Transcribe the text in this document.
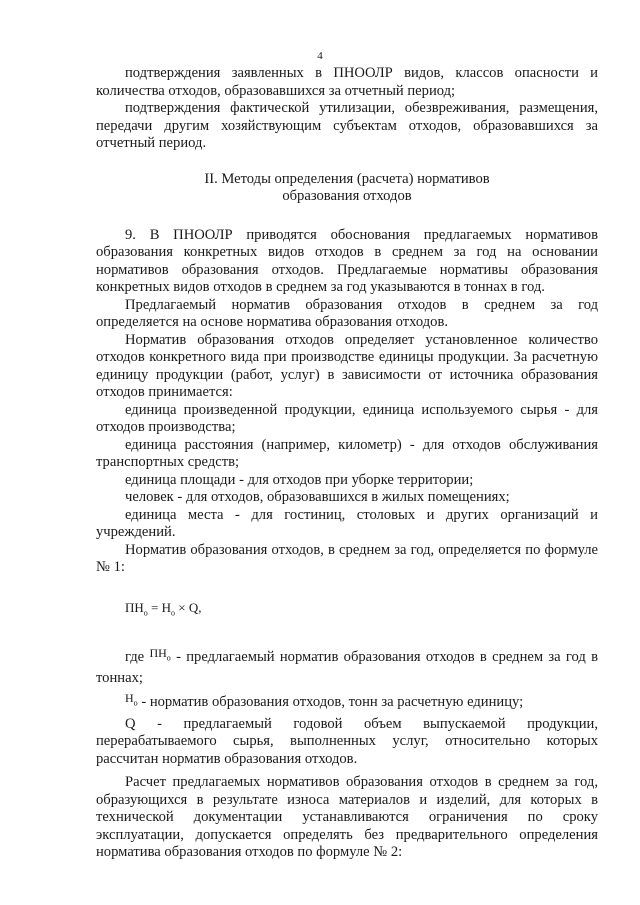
4

подтверждения заявленных в ПНООЛР видов, классов опасности и количества отходов, образовавшихся за отчетный период;

подтверждения фактической утилизации, обезвреживания, размещения, передачи другим хозяйствующим субъектам отходов, образовавшихся за отчетный период.

II. Методы определения (расчета) нормативов
образования отходов

9. В ПНООЛР приводятся обоснования предлагаемых нормативов образования конкретных видов отходов в среднем за год на основании нормативов образования отходов. Предлагаемые нормативы образования конкретных видов отходов в среднем за год указываются в тоннах в год.

Предлагаемый норматив образования отходов в среднем за год определяется на основе норматива образования отходов.

Норматив образования отходов определяет установленное количество отходов конкретного вида при производстве единицы продукции. За расчетную единицу продукции (работ, услуг) в зависимости от источника образования отходов принимается:

единица произведенной продукции, единица используемого сырья - для отходов производства;

единица расстояния (например, километр) - для отходов обслуживания транспортных средств;

единица площади - для отходов при уборке территории;

человек - для отходов, образовавшихся в жилых помещениях;

единица места - для гостиниц, столовых и других организаций и учреждений.

Норматив образования отходов, в среднем за год, определяется по формуле № 1:

$ПН_о = Н_о \times Q$,

где $^{ПН_о}$ - предлагаемый норматив образования отходов в среднем за год в тоннах;

$^{Н_о}$ - норматив образования отходов, тонн за расчетную единицу;

Q - предлагаемый годовой объем выпускаемой продукции, перерабатываемого сырья, выполненных услуг, относительно которых рассчитан норматив образования отходов.

Расчет предлагаемых нормативов образования отходов в среднем за год, образующихся в результате износа материалов и изделий, для которых в технической документации устанавливаются ограничения по сроку эксплуатации, допускается определять без предварительного определения норматива образования отходов по формуле № 2:
